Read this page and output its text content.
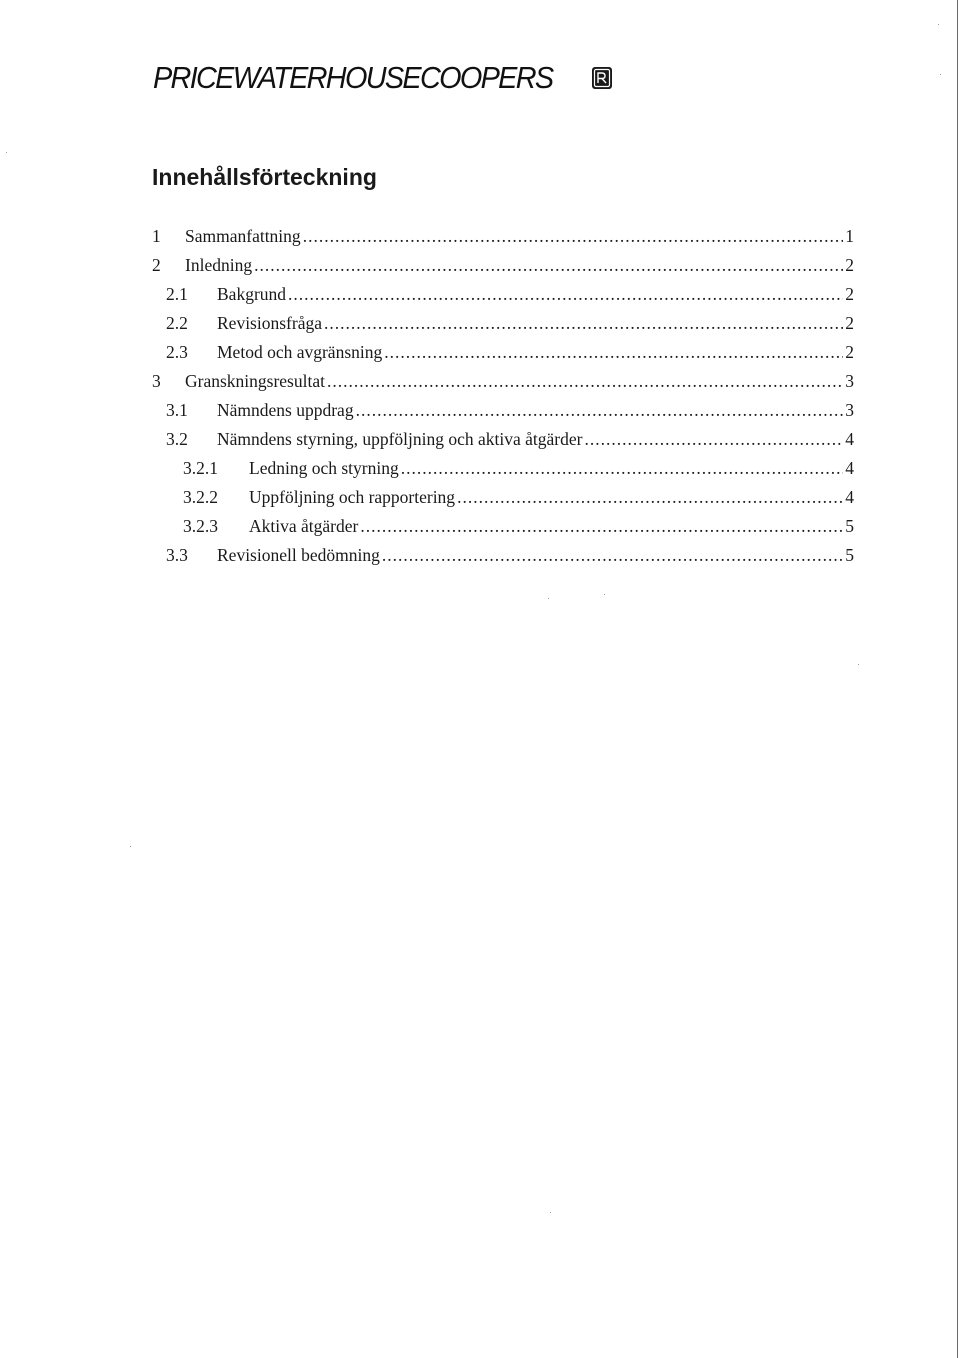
PRICEWATERHOUSECOOPERS
Innehållsförteckning
1	Sammanfattning .....	1
2	Inledning .....	2
2.1	Bakgrund .....	2
2.2	Revisionsfråga .....	2
2.3	Metod och avgränsning .....	2
3	Granskningsresultat .....	3
3.1	Nämndens uppdrag .....	3
3.2	Nämndens styrning, uppföljning och aktiva åtgärder .....	4
3.2.1	Ledning och styrning .....	4
3.2.2	Uppföljning och rapportering .....	4
3.2.3	Aktiva åtgärder .....	5
3.3	Revisionell bedömning .....	5
